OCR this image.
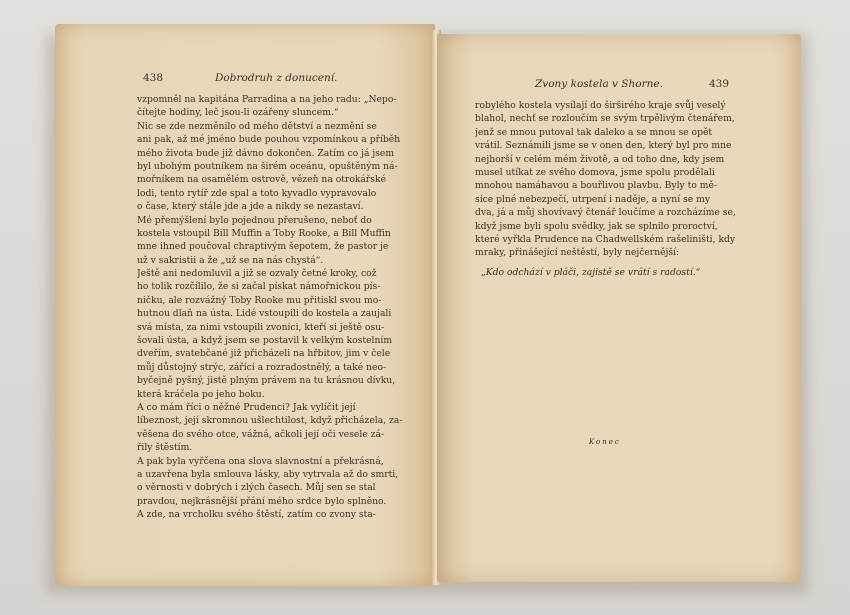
438	Dobrodruh z donucení.
vzpomněl na kapitána Parradina a na jeho radu: „Nepo-
čítejte hodiny, leč jsou-li ozářeny sluncem.“
Nic se zde nezměnilo od mého dětství a nezmění se
ani pak, až mé jméno bude pouhou vzpomínkou a příběh
mého života bude již dávno dokončen. Zatím co já jsem
byl ubohým poutníkem na širém oceánu, opuštěným ná-
mořníkem na osamělém ostrově, vězeň na otrokářské
lodi, tento rytíř zde spal a toto kyvadlo vypravovalo
o čase, který stále jde a jde a nikdy se nezastaví.
Mé přemýšlení bylo pojednou přerušeno, neboť do
kostela vstoupil Bill Muffin a Toby Rooke, a Bill Muffin
mne ihned poučoval chraptivým šepotem, že pastor je
už v sakristii a že „už se na nás chystá“.
Ještě ani nedomluvil a již se ozvaly četné kroky, což
ho tolik rozčílilo, že si začal pískat námořnickou pís-
ničku, ale rozvážný Toby Rooke mu přitiskl svou mo-
hutnou dlaň na ústa. Lidé vstoupili do kostela a zaujali
svá místa, za nimi vstoupili zvoníci, kteří si ještě osu-
šovali ústa, a když jsem se postavil k velkým kostelním
dveřím, svatebčané již přicházeli na hřbitov, jim v čele
můj důstojný strýc, zářící a rozradostnělý, a také neo-
byčejně pyšný, jistě plným právem na tu krásnou dívku,
která kráčela po jeho boku.
A co mám říci o něžné Prudenci? Jak vylíčit její
líbeznost, její skromnou ušlechtilost, když přicházela, za-
věšena do svého otce, vážná, ačkoli její oči vesele zá-
řily štěstím.
A pak byla vyřčena ona slova slavnostní a překrásná,
a uzavřena byla smlouva lásky, aby vytrvala až do smrti,
o věrnosti v dobrých i zlých časech. Můj sen se stal
pravdou, nejkrásnější přání mého srdce bylo splněno.
A zde, na vrcholku svého štěstí, zatím co zvony sta-
Zvony kostela v Shorne.	439
robylého kostela vysílají do širširého kraje svůj veselý
blahol, nechť se rozloučím se svým trpělivým čtenářem,
jenž se mnou putoval tak daleko a se mnou se opět
vrátil. Seznámili jsme se v onen den, který byl pro mne
nejhorší v celém mém životě, a od toho dne, kdy jsem
musel utíkat ze svého domova, jsme spolu prodělali
mnohou namáhavou a bouřlivou plavbu. Byly to mě-
síce plné nebezpečí, utrpení i naděje, a nyní se my
dva, já a můj shovívavý čtenář loučíme a rozcházíme se,
když jsme byli spolu svědky, jak se splnilo proroctví,
které vyřkla Prudence na Chadwellském rašeliništi, kdy
mraky, přinášející neštěstí, byly nejčernější:
„Kdo odchází v pláči, zajistě se vrátí s radostí.“
Konec
